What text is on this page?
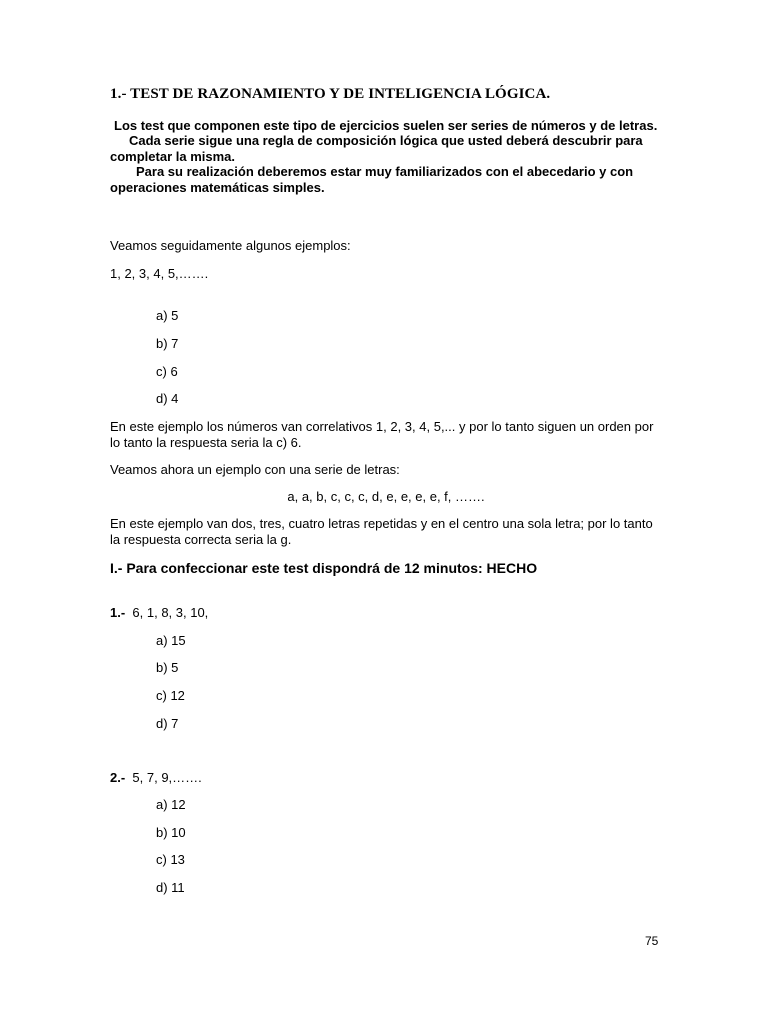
1.- TEST DE RAZONAMIENTO Y DE INTELIGENCIA LÓGICA.

Los test que componen este tipo de ejercicios suelen ser series de números y de letras.

Cada serie sigue una regla de composición lógica que usted deberá descubrir para completar la misma.

Para su realización deberemos estar muy familiarizados con el abecedario y con operaciones matemáticas simples.

Veamos seguidamente algunos ejemplos:
1, 2, 3, 4, 5,…….
a) 5
b) 7
c) 6
d) 4
En este ejemplo los números van correlativos 1, 2, 3, 4, 5,... y por lo tanto siguen un orden por lo tanto la respuesta seria la c) 6.
Veamos ahora un ejemplo con una serie de letras:
a, a, b, c, c, c, d, e, e, e, e, f, …….
En este ejemplo van dos, tres, cuatro letras repetidas y en el centro una sola letra; por lo tanto la respuesta correcta seria la g.
I.- Para confeccionar este test dispondrá de 12 minutos: HECHO
1.- 6, 1, 8, 3, 10,
a) 15
b) 5
c) 12
d) 7
2.- 5, 7, 9,…….
a) 12
b) 10
c) 13
d) 11
75
